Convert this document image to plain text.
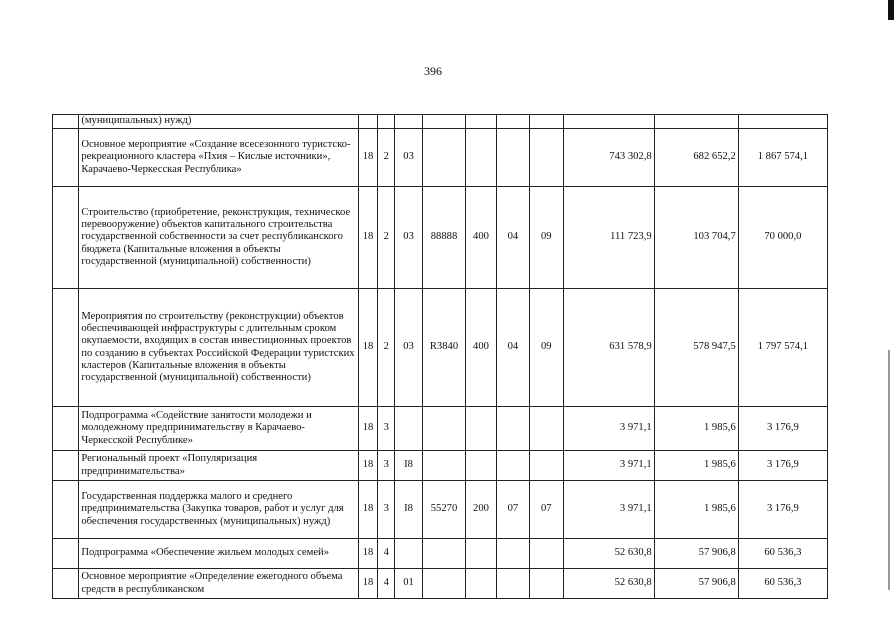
396
	(муниципальных) нужд)										
	Основное мероприятие «Создание всесезонного туристско-рекреационного кластера «Пхия – Кислые источники», Карачаево-Черкесская Республика»	18	2	03					743 302,8	682 652,2	1 867 574,1
	Строительство (приобретение, реконструкция, техническое перевооружение) объектов капитального строительства государственной собственности за счет республиканского бюджета (Капитальные вложения в объекты государственной (муниципальной) собственности)	18	2	03	88888	400	04	09	111 723,9	103 704,7	70 000,0
	Мероприятия по строительству (реконструкции) объектов обеспечивающей инфраструктуры с длительным сроком окупаемости, входящих в состав инвестиционных проектов по созданию в субъектах Российской Федерации туристских кластеров (Капитальные вложения в объекты государственной (муниципальной) собственности)	18	2	03	R3840	400	04	09	631 578,9	578 947,5	1 797 574,1
	Подпрограмма «Содействие занятости молодежи и молодежному предпринимательству в Карачаево-Черкесской Республике»	18	3						3 971,1	1 985,6	3 176,9
	Региональный проект «Популяризация предпринимательства»	18	3	I8					3 971,1	1 985,6	3 176,9
	Государственная поддержка малого и среднего предпринимательства (Закупка товаров, работ и услуг для обеспечения государственных (муниципальных) нужд)	18	3	I8	55270	200	07	07	3 971,1	1 985,6	3 176,9
	Подпрограмма «Обеспечение жильем молодых семей»	18	4						52 630,8	57 906,8	60 536,3
	Основное мероприятие «Определение ежегодного объема средств в республиканском	18	4	01					52 630,8	57 906,8	60 536,3
